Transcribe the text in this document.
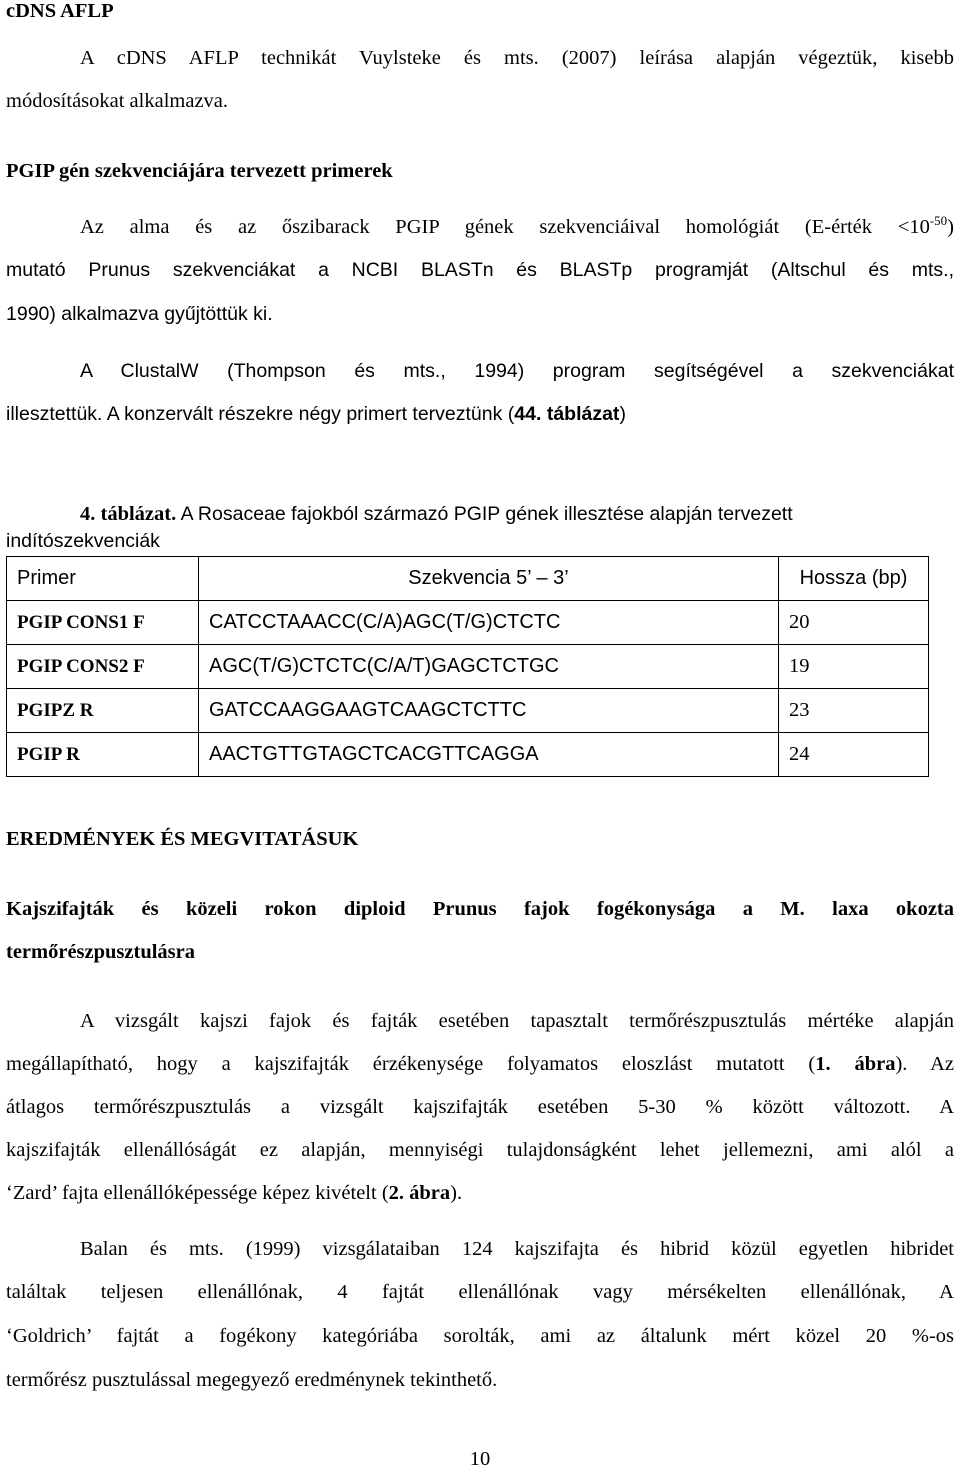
cDNS AFLP
A cDNS AFLP technikát Vuylsteke és mts. (2007) leírása alapján végeztük, kisebb
módosításokat alkalmazva.
PGIP gén szekvenciájára tervezett primerek
Az alma és az őszibarack PGIP gének szekvenciáival homológiát (E-érték $<10^{-50}$)
mutató Prunus szekvenciákat a NCBI BLASTn és BLASTp programját (Altschul és mts.,
1990) alkalmazva gyűjtöttük ki.
A ClustalW (Thompson és mts., 1994) program segítségével a szekvenciákat
illesztettük. A konzervált részekre négy primert terveztünk (44. táblázat)
4. táblázat. A Rosaceae fajokból származó PGIP gének illesztése alapján tervezett
indítószekvenciák
Primer	Szekvencia 5’ – 3’	Hossza (bp)
PGIP CONS1 F	CATCCTAAACC(C/A)AGC(T/G)CTCTC	20
PGIP CONS2 F	AGC(T/G)CTCTC(C/A/T)GAGCTCTGC	19
PGIPZ R	GATCCAAGGAAGTCAAGCTCTTC	23
PGIP R	AACTGTTGTAGCTCACGTTCAGGA	24
EREDMÉNYEK ÉS MEGVITATÁSUK
Kajszifajták és közeli rokon diploid Prunus fajok fogékonysága a M. laxa okozta
termőrészpusztulásra
A vizsgált kajszi fajok és fajták esetében tapasztalt termőrészpusztulás mértéke alapján
megállapítható, hogy a kajszifajták érzékenysége folyamatos eloszlást mutatott (1. ábra). Az
átlagos termőrészpusztulás a vizsgált kajszifajták esetében 5-30 % között változott. A
kajszifajták ellenállóságát ez alapján, mennyiségi tulajdonságként lehet jellemezni, ami alól a
‘Zard’ fajta ellenállóképessége képez kivételt (2. ábra).
Balan és mts. (1999) vizsgálataiban 124 kajszifajta és hibrid közül egyetlen hibridet
találtak teljesen ellenállónak, 4 fajtát ellenállónak vagy mérsékelten ellenállónak, A
‘Goldrich’ fajtát a fogékony kategóriába sorolták, ami az általunk mért közel 20 %-os
termőrész pusztulással megegyező eredménynek tekinthető.
10
